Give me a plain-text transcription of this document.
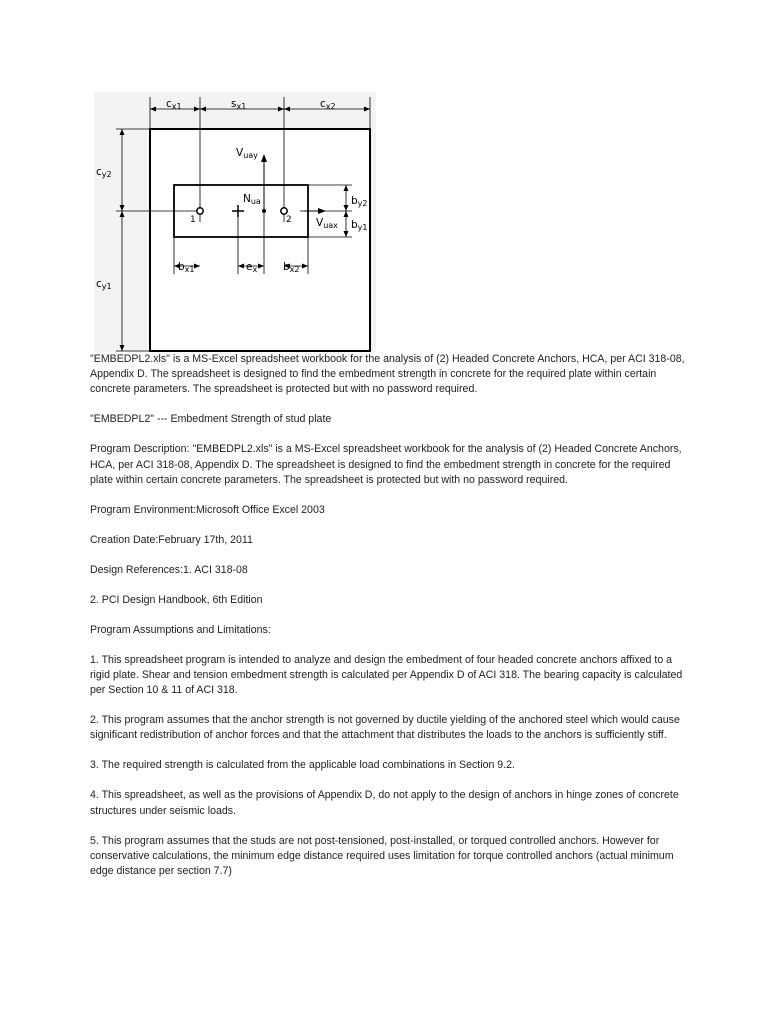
cx1	sx1	cx2
cy2
cy1
Vuay
Nua
Vuax
by2
by1
bx1	ex bx2
1	2

"EMBEDPL2.xls" is a MS-Excel spreadsheet workbook for the analysis of (2) Headed Concrete Anchors, HCA, per ACI 318-08, Appendix D. The spreadsheet is designed to find the embedment strength in concrete for the required plate within certain concrete parameters. The spreadsheet is protected but with no password required.

"EMBEDPL2" --- Embedment Strength of stud plate

Program Description: "EMBEDPL2.xls" is a MS-Excel spreadsheet workbook for the analysis of (2) Headed Concrete Anchors, HCA, per ACI 318-08, Appendix D. The spreadsheet is designed to find the embedment strength in concrete for the required plate within certain concrete parameters. The spreadsheet is protected but with no password required.

Program Environment:Microsoft Office Excel 2003

Creation Date:February 17th, 2011

Design References:1. ACI 318-08

2. PCI Design Handbook, 6th Edition

Program Assumptions and Limitations:

1. This spreadsheet program is intended to analyze and design the embedment of four headed concrete anchors affixed to a rigid plate. Shear and tension embedment strength is calculated per Appendix D of ACI 318. The bearing capacity is calculated per Section 10 & 11 of ACI 318.

2. This program assumes that the anchor strength is not governed by ductile yielding of the anchored steel which would cause significant redistribution of anchor forces and that the attachment that distributes the loads to the anchors is sufficiently stiff.

3. The required strength is calculated from the applicable load combinations in Section 9.2.

4. This spreadsheet, as well as the provisions of Appendix D, do not apply to the design of anchors in hinge zones of concrete structures under seismic loads.

5. This program assumes that the studs are not post-tensioned, post-installed, or torqued controlled anchors. However for conservative calculations, the minimum edge distance required uses limitation for torque controlled anchors (actual minimum edge distance per section 7.7)
